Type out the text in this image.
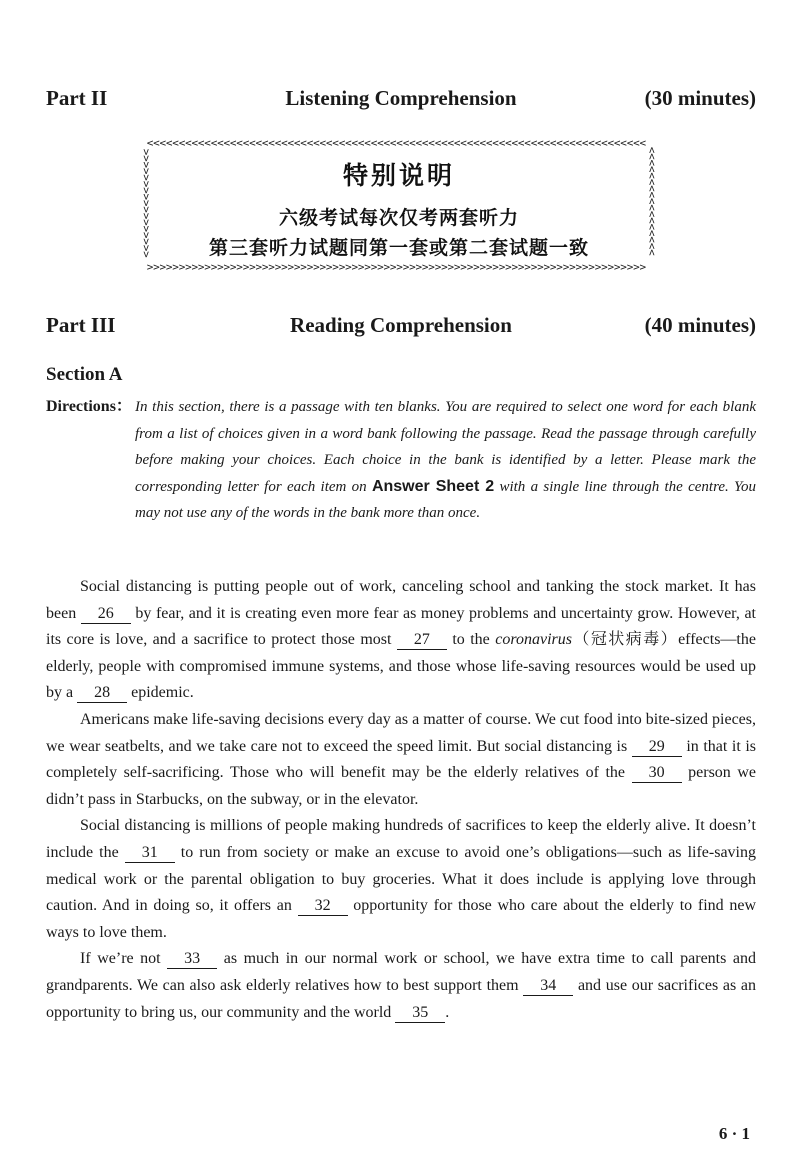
Part II	Listening Comprehension	(30 minutes)
< < < < < < < < < < < < < < < < < < < < < < < < < < < < < < < < < < < < < < < < < < < < < < < < < < < < < < < < < < < < < < < < < < < < < < < < < < < < < <
> > > > > > > > > > > > > > > > > > > > > > > > > > > > > > > > > > > > > > > > > > > > > > > > > > > > > > > > > > > > > > > > > > > > > > > > > > > > > >
<
<
<
<
<
<
<
<
<
<
<
<
<
<
<
<
<
<
<
<
<
<
<
<
<
<
<
<
<
<
<
<
<
<
特别说明
六级考试每次仅考两套听力
第三套听力试题同第一套或第二套试题一致
Part III	Reading Comprehension	(40 minutes)
Section A
Directions： In this section, there is a passage with ten blanks. You are required to select one word for each blank from a list of choices given in a word bank following the passage. Read the passage through carefully before making your choices. Each choice in the bank is identified by a letter. Please mark the corresponding letter for each item on Answer Sheet 2 with a single line through the centre. You may not use any of the words in the bank more than once.

Social distancing is putting people out of work, canceling school and tanking the stock market. It has been 26 by fear, and it is creating even more fear as money problems and uncertainty grow. However, at its core is love, and a sacrifice to protect those most 27 to the coronavirus（冠状病毒）effects—the elderly, people with compromised immune systems, and those whose life-saving resources would be used up by a 28 epidemic.

Americans make life-saving decisions every day as a matter of course. We cut food into bite-sized pieces, we wear seatbelts, and we take care not to exceed the speed limit. But social distancing is 29 in that it is completely self-sacrificing. Those who will benefit may be the elderly relatives of the 30 person we didn’t pass in Starbucks, on the subway, or in the elevator.

Social distancing is millions of people making hundreds of sacrifices to keep the elderly alive. It doesn’t include the 31 to run from society or make an excuse to avoid one’s obligations—such as life-saving medical work or the parental obligation to buy groceries. What it does include is applying love through caution. And in doing so, it offers an 32 opportunity for those who care about the elderly to find new ways to love them.

If we’re not 33 as much in our normal work or school, we have extra time to call parents and grandparents. We can also ask elderly relatives how to best support them 34 and use our sacrifices as an opportunity to bring us, our community and the world 35 .

6 · 1
